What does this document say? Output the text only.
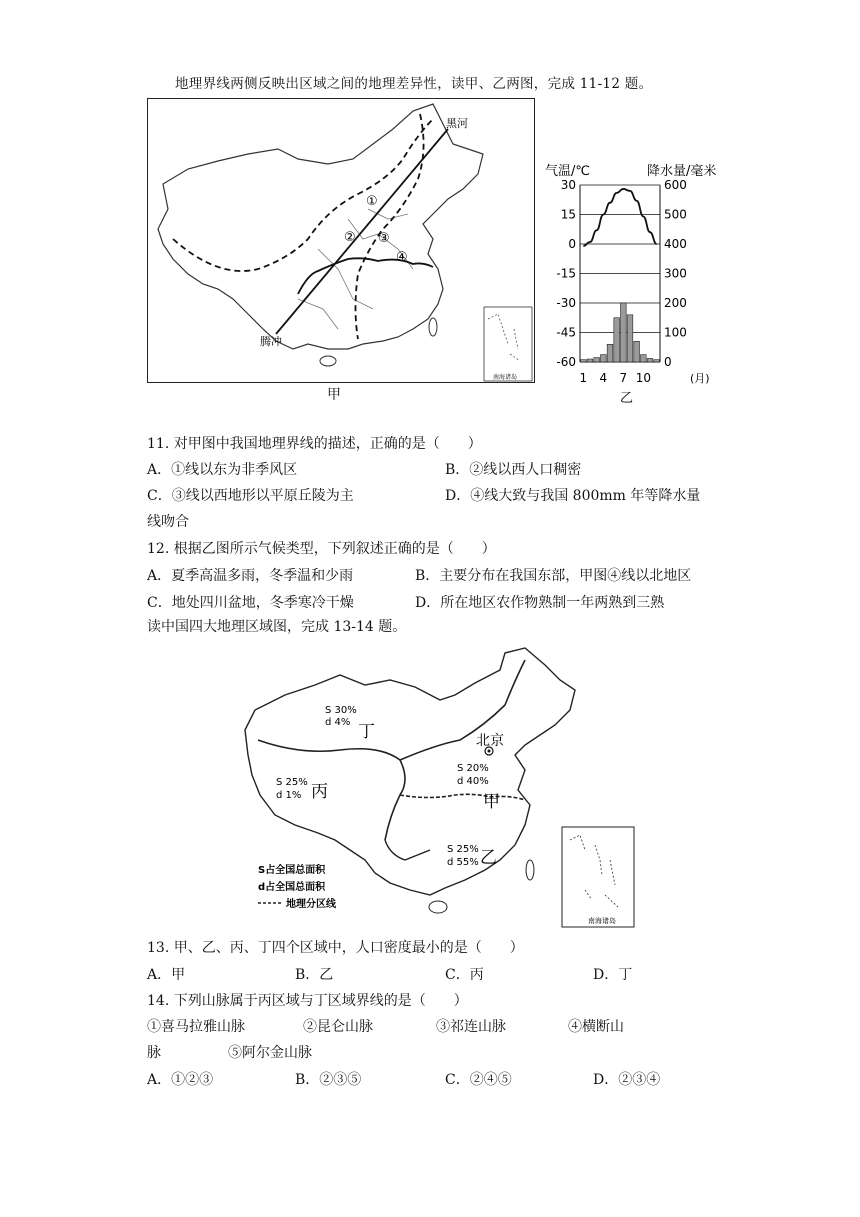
地理界线两侧反映出区域之间的地理差异性，读甲、乙两图，完成 11-12 题。
①
② ③
④
黑河
腾冲
南海诸岛
甲
气温/℃	降水量/毫米
30
15
0
-15
-30
-45
-60
600
500
400
300
200
100
0
1 4 7 10	(月)
乙
11. 对甲图中我国地理界线的描述，正确的是（　　）
A．①线以东为非季风区	B．②线以西人口稠密
C．③线以西地形以平原丘陵为主	D．④线大致与我国 800mm 年等降水量
线吻合
12. 根据乙图所示气候类型，下列叙述正确的是（　　）
A．夏季高温多雨，冬季温和少雨	B．主要分布在我国东部，甲图④线以北地区
C．地处四川盆地，冬季寒冷干燥	D．所在地区农作物熟制一年两熟到三熟
读中国四大地理区域图，完成 13-14 题。
北京
丁
丙	甲
乙
S 30%
d 4%
S 25%
d 1%
S 20%
d 40%
S 25%
d 55%
S占全国总面积
d占全国总面积
地理分区线
南海诸岛
13. 甲、乙、丙、丁四个区域中，人口密度最小的是（　　）
A．甲	B．乙	C．丙	D．丁
14. 下列山脉属于丙区域与丁区域界线的是（　　）
①喜马拉雅山脉	②昆仑山脉	③祁连山脉	④横断山
脉	⑤阿尔金山脉
A．①②③	B．②③⑤	C．②④⑤	D．②③④
